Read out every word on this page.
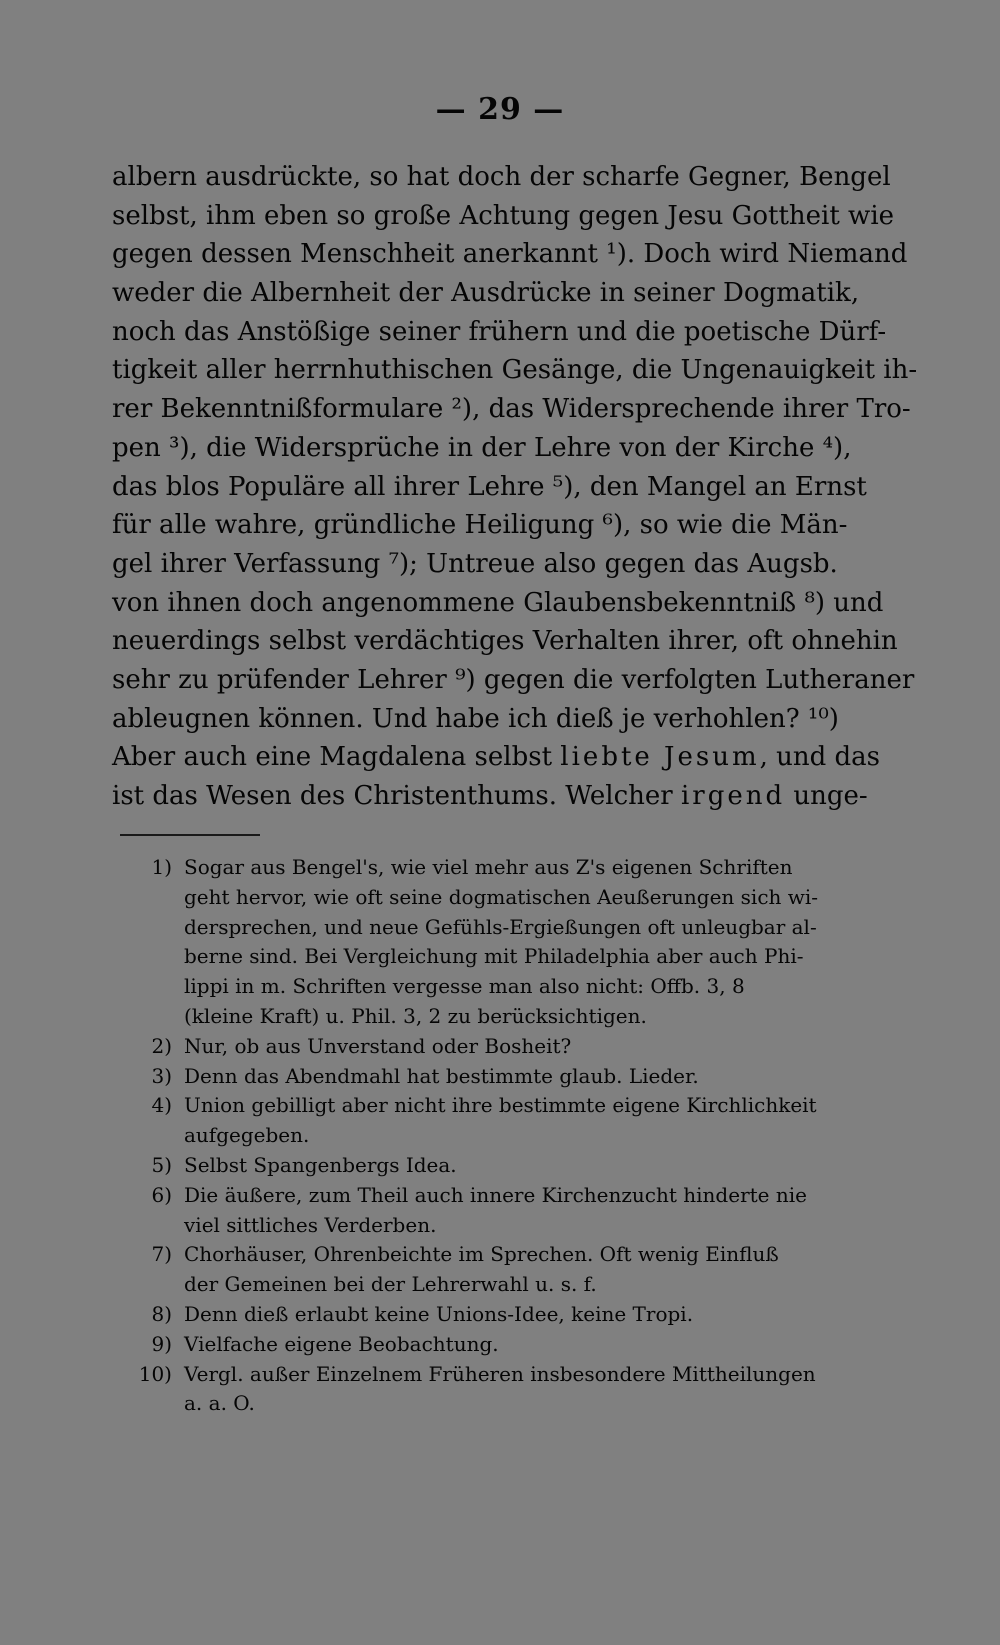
— 29 —
albern ausdrückte, so hat doch der scharfe Gegner, Bengel
selbst, ihm eben so große Achtung gegen Jesu Gottheit wie
gegen dessen Menschheit anerkannt ¹). Doch wird Niemand
weder die Albernheit der Ausdrücke in seiner Dogmatik,
noch das Anstößige seiner frühern und die poetische Dürf-
tigkeit aller herrnhuthischen Gesänge, die Ungenauigkeit ih-
rer Bekenntnißformulare ²), das Widersprechende ihrer Tro-
pen ³), die Widersprüche in der Lehre von der Kirche ⁴),
das blos Populäre all ihrer Lehre ⁵), den Mangel an Ernst
für alle wahre, gründliche Heiligung ⁶), so wie die Män-
gel ihrer Verfassung ⁷); Untreue also gegen das Augsb.
von ihnen doch angenommene Glaubensbekenntniß ⁸) und
neuerdings selbst verdächtiges Verhalten ihrer, oft ohnehin
sehr zu prüfender Lehrer ⁹) gegen die verfolgten Lutheraner
ableugnen können. Und habe ich dieß je verhohlen? ¹⁰)
Aber auch eine Magdalena selbst liebte Jesum, und das
ist das Wesen des Christenthums. Welcher irgend unge-
1) Sogar aus Bengel's, wie viel mehr aus Z's eigenen Schriften
geht hervor, wie oft seine dogmatischen Aeußerungen sich wi-
dersprechen, und neue Gefühls-Ergießungen oft unleugbar al-
berne sind. Bei Vergleichung mit Philadelphia aber auch Phi-
lippi in m. Schriften vergesse man also nicht: Offb. 3, 8
(kleine Kraft) u. Phil. 3, 2 zu berücksichtigen.
2) Nur, ob aus Unverstand oder Bosheit?
3) Denn das Abendmahl hat bestimmte glaub. Lieder.
4) Union gebilligt aber nicht ihre bestimmte eigene Kirchlichkeit
aufgegeben.
5) Selbst Spangenbergs Idea.
6) Die äußere, zum Theil auch innere Kirchenzucht hinderte nie
viel sittliches Verderben.
7) Chorhäuser, Ohrenbeichte im Sprechen. Oft wenig Einfluß
der Gemeinen bei der Lehrerwahl u. s. f.
8) Denn dieß erlaubt keine Unions-Idee, keine Tropi.
9) Vielfache eigene Beobachtung.
10) Vergl. außer Einzelnem Früheren insbesondere Mittheilungen
a. a. O.
